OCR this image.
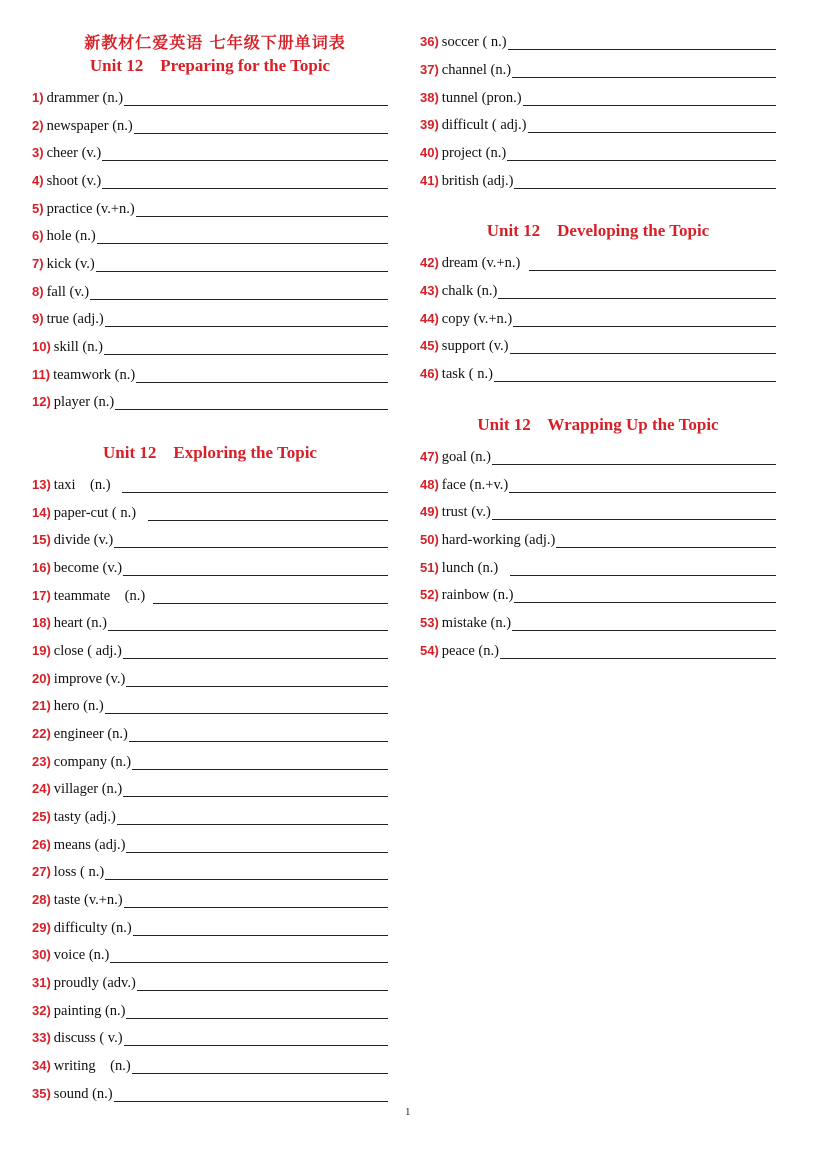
新教材仁爱英语 七年级下册单词表
Unit 12    Preparing for the Topic
1) drammer (n.)
2) newspaper (n.)
3) cheer (v.)
4) shoot (v.)
5) practice (v.+n.)
6) hole (n.)
7) kick (v.)
8) fall (v.)
9) true (adj.)
10) skill (n.)
11) teamwork (n.)
12) player (n.)
13) taxi    (n.)
14) paper-cut ( n.)
15) divide (v.)
16) become (v.)
17) teammate    (n.)
18) heart (n.)
19) close ( adj.)
20) improve (v.)
21) hero (n.)
22) engineer (n.)
23) company (n.)
24) villager (n.)
25) tasty (adj.)
26) means (adj.)
27) loss ( n.)
28) taste (v.+n.)
29) difficulty (n.)
30) voice (n.)
31) proudly (adv.)
32) painting (n.)
33) discuss ( v.)
34) writing    (n.)
35) sound (n.)
Unit 12    Exploring the Topic
36) soccer ( n.)
37) channel (n.)
38) tunnel (pron.)
39) difficult ( adj.)
40) project (n.)
41) british (adj.)
42) dream (v.+n.)
43) chalk (n.)
44) copy (v.+n.)
45) support (v.)
46) task ( n.)
47) goal (n.)
48) face (n.+v.)
49) trust (v.)
50) hard-working (adj.)
51) lunch (n.)
52) rainbow (n.)
53) mistake (n.)
54) peace (n.)
Unit 12    Developing the Topic
Unit 12    Wrapping Up the Topic
1
